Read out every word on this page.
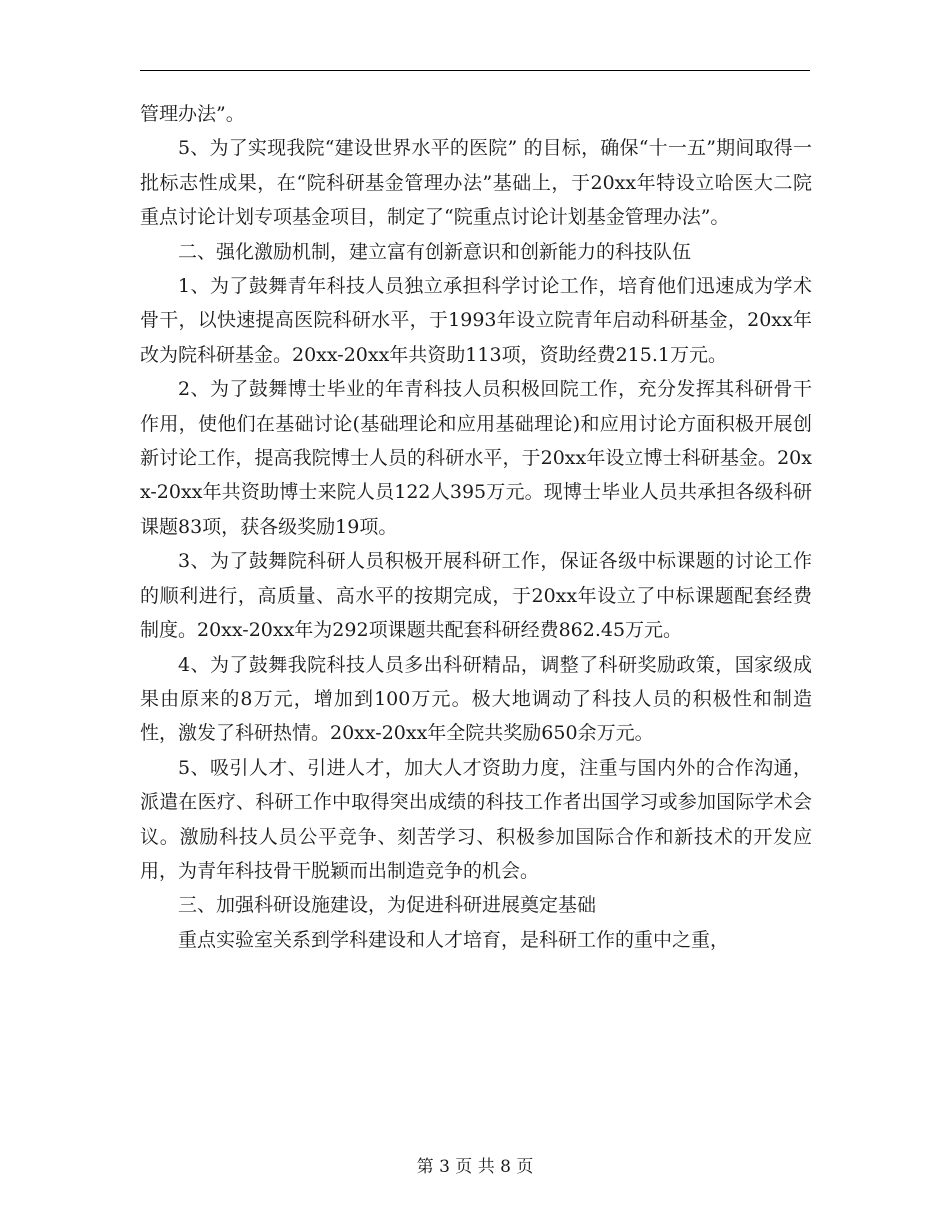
管理办法”。

5、为了实现我院“建设世界水平的医院” 的目标，确保“十一五”期间取得一批标志性成果，在“院科研基金管理办法”基础上，于20xx年特设立哈医大二院重点讨论计划专项基金项目，制定了“院重点讨论计划基金管理办法”。

二、强化激励机制，建立富有创新意识和创新能力的科技队伍

1、为了鼓舞青年科技人员独立承担科学讨论工作，培育他们迅速成为学术骨干，以快速提高医院科研水平，于1993年设立院青年启动科研基金，20xx年改为院科研基金。20xx-20xx年共资助113项，资助经费215.1万元。

2、为了鼓舞博士毕业的年青科技人员积极回院工作，充分发挥其科研骨干作用，使他们在基础讨论(基础理论和应用基础理论)和应用讨论方面积极开展创新讨论工作，提高我院博士人员的科研水平，于20xx年设立博士科研基金。20xx-20xx年共资助博士来院人员122人395万元。现博士毕业人员共承担各级科研课题83项，获各级奖励19项。

3、为了鼓舞院科研人员积极开展科研工作，保证各级中标课题的讨论工作的顺利进行，高质量、高水平的按期完成，于20xx年设立了中标课题配套经费制度。20xx-20xx年为292项课题共配套科研经费862.45万元。

4、为了鼓舞我院科技人员多出科研精品，调整了科研奖励政策，国家级成果由原来的8万元，增加到100万元。极大地调动了科技人员的积极性和制造性，激发了科研热情。20xx-20xx年全院共奖励650余万元。

5、吸引人才、引进人才，加大人才资助力度，注重与国内外的合作沟通，派遣在医疗、科研工作中取得突出成绩的科技工作者出国学习或参加国际学术会议。激励科技人员公平竞争、刻苦学习、积极参加国际合作和新技术的开发应用，为青年科技骨干脱颖而出制造竞争的机会。

三、加强科研设施建设，为促进科研进展奠定基础

重点实验室关系到学科建设和人才培育，是科研工作的重中之重，

第 3 页 共 8 页
